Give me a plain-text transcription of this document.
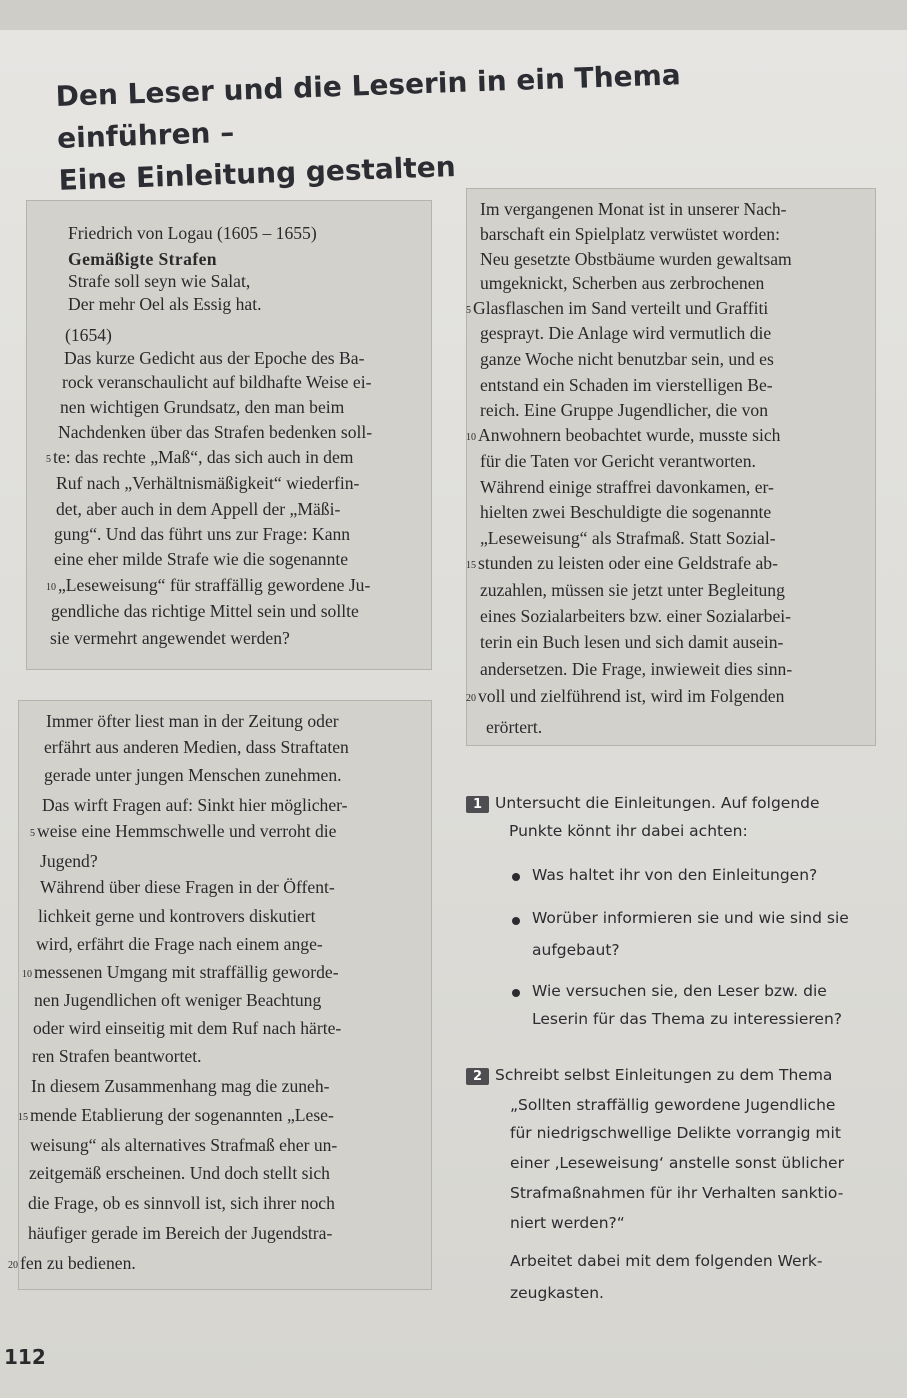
Den Leser und die Leserin in ein Thema einführen –
Eine Einleitung gestalten
Friedrich von Logau (1605 – 1655)
Gemäßigte Strafen
Strafe soll seyn wie Salat,
Der mehr Oel als Essig hat.
(1654)
Das kurze Gedicht aus der Epoche des Ba-
rock veranschaulicht auf bildhafte Weise ei-
nen wichtigen Grundsatz, den man beim
Nachdenken über das Strafen bedenken soll-
5 te: das rechte „Maß“, das sich auch in dem
Ruf nach „Verhältnismäßigkeit“ wiederfin-
det, aber auch in dem Appell der „Mäßi-
gung“. Und das führt uns zur Frage: Kann
eine eher milde Strafe wie die sogenannte
10 „Leseweisung“ für straffällig gewordene Ju-
gendliche das richtige Mittel sein und sollte
sie vermehrt angewendet werden?
Im vergangenen Monat ist in unserer Nach-
barschaft ein Spielplatz verwüstet worden:
Neu gesetzte Obstbäume wurden gewaltsam
umgeknickt, Scherben aus zerbrochenen
5 Glasflaschen im Sand verteilt und Graffiti
gesprayt. Die Anlage wird vermutlich die
ganze Woche nicht benutzbar sein, und es
entstand ein Schaden im vierstelligen Be-
reich. Eine Gruppe Jugendlicher, die von
10 Anwohnern beobachtet wurde, musste sich
für die Taten vor Gericht verantworten.
Während einige straffrei davonkamen, er-
hielten zwei Beschuldigte die sogenannte
„Leseweisung“ als Strafmaß. Statt Sozial-
15 stunden zu leisten oder eine Geldstrafe ab-
zuzahlen, müssen sie jetzt unter Begleitung
eines Sozialarbeiters bzw. einer Sozialarbei-
terin ein Buch lesen und sich damit ausein-
andersetzen. Die Frage, inwieweit dies sinn-
20 voll und zielführend ist, wird im Folgenden
erörtert.
Immer öfter liest man in der Zeitung oder
erfährt aus anderen Medien, dass Straftaten
gerade unter jungen Menschen zunehmen.
Das wirft Fragen auf: Sinkt hier möglicher-
5 weise eine Hemmschwelle und verroht die
Jugend?
Während über diese Fragen in der Öffent-
lichkeit gerne und kontrovers diskutiert
wird, erfährt die Frage nach einem ange-
10 messenen Umgang mit straffällig geworde-
nen Jugendlichen oft weniger Beachtung
oder wird einseitig mit dem Ruf nach härte-
ren Strafen beantwortet.
In diesem Zusammenhang mag die zuneh-
15 mende Etablierung der sogenannten „Lese-
weisung“ als alternatives Strafmaß eher un-
zeitgemäß erscheinen. Und doch stellt sich
die Frage, ob es sinnvoll ist, sich ihrer noch
häufiger gerade im Bereich der Jugendstra-
20 fen zu bedienen.
1 Untersucht die Einleitungen. Auf folgende
Punkte könnt ihr dabei achten:
Was haltet ihr von den Einleitungen?
Worüber informieren sie und wie sind sie
aufgebaut?
Wie versuchen sie, den Leser bzw. die
Leserin für das Thema zu interessieren?
2 Schreibt selbst Einleitungen zu dem Thema
„Sollten straffällig gewordene Jugendliche
für niedrigschwellige Delikte vorrangig mit
einer ‚Leseweisung‘ anstelle sonst üblicher
Strafmaßnahmen für ihr Verhalten sanktio-
niert werden?“
Arbeitet dabei mit dem folgenden Werk-
zeugkasten.
112
